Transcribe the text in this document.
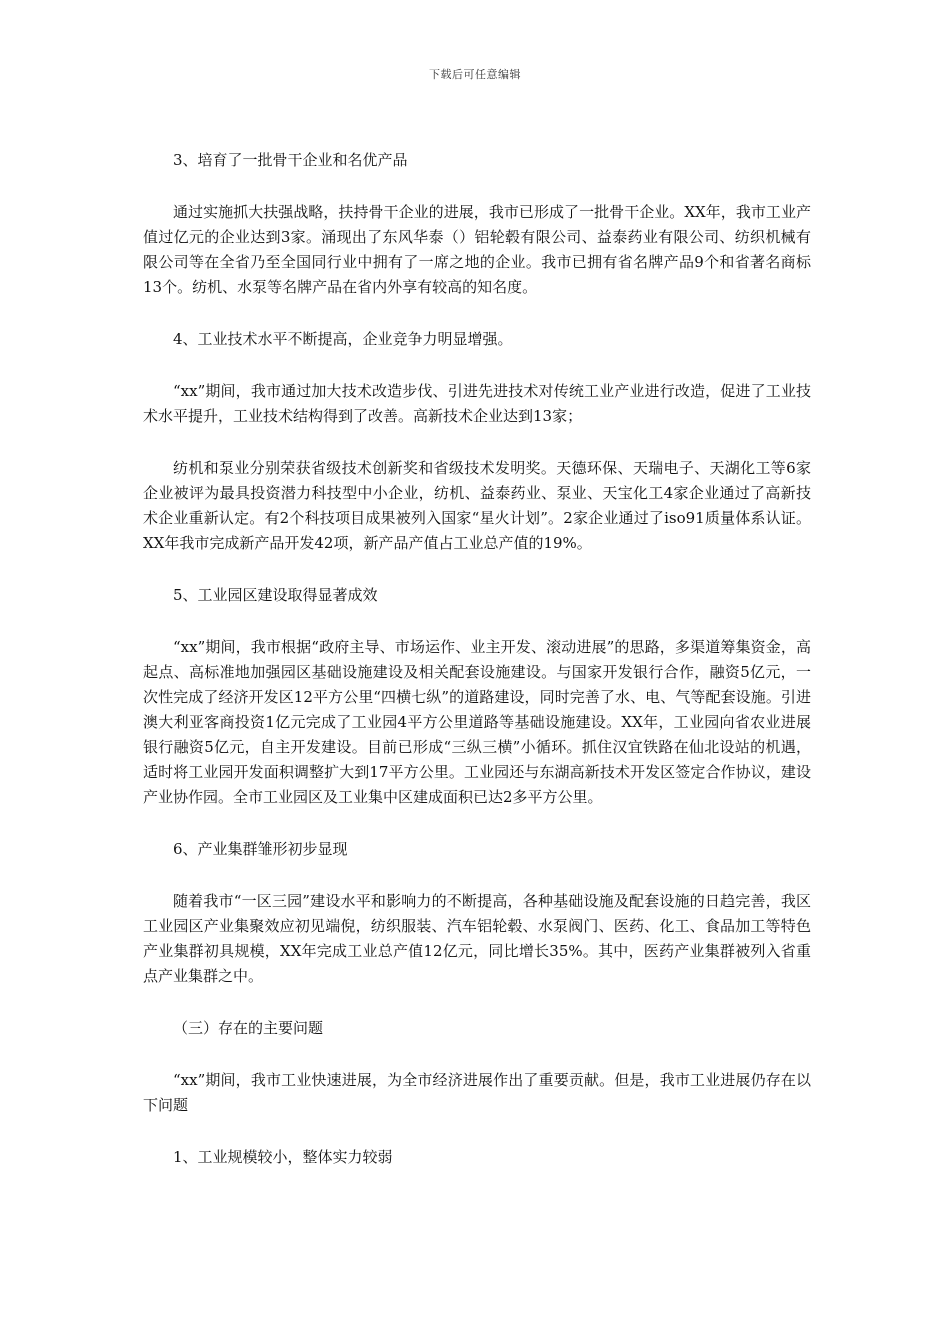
下载后可任意编辑

3、培育了一批骨干企业和名优产品

通过实施抓大扶强战略，扶持骨干企业的进展，我市已形成了一批骨干企业。XX年，我市工业产值过亿元的企业达到3家。涌现出了东风华泰（）铝轮毂有限公司、益泰药业有限公司、纺织机械有限公司等在全省乃至全国同行业中拥有了一席之地的企业。我市已拥有省名牌产品9个和省著名商标13个。纺机、水泵等名牌产品在省内外享有较高的知名度。

4、工业技术水平不断提高，企业竞争力明显增强。

“xx”期间，我市通过加大技术改造步伐、引进先进技术对传统工业产业进行改造，促进了工业技术水平提升，工业技术结构得到了改善。高新技术企业达到13家；

纺机和泵业分别荣获省级技术创新奖和省级技术发明奖。天德环保、天瑞电子、天湖化工等6家企业被评为最具投资潜力科技型中小企业，纺机、益泰药业、泵业、天宝化工4家企业通过了高新技术企业重新认定。有2个科技项目成果被列入国家“星火计划”。2家企业通过了iso91质量体系认证。XX年我市完成新产品开发42项，新产品产值占工业总产值的19%。

5、工业园区建设取得显著成效

“xx”期间，我市根据“政府主导、市场运作、业主开发、滚动进展”的思路，多渠道筹集资金，高起点、高标准地加强园区基础设施建设及相关配套设施建设。与国家开发银行合作，融资5亿元，一次性完成了经济开发区12平方公里“四横七纵”的道路建设，同时完善了水、电、气等配套设施。引进澳大利亚客商投资1亿元完成了工业园4平方公里道路等基础设施建设。XX年，工业园向省农业进展银行融资5亿元，自主开发建设。目前已形成“三纵三横”小循环。抓住汉宜铁路在仙北设站的机遇，适时将工业园开发面积调整扩大到17平方公里。工业园还与东湖高新技术开发区签定合作协议，建设产业协作园。全市工业园区及工业集中区建成面积已达2多平方公里。

6、产业集群雏形初步显现

随着我市“一区三园”建设水平和影响力的不断提高，各种基础设施及配套设施的日趋完善，我区工业园区产业集聚效应初见端倪，纺织服装、汽车铝轮毂、水泵阀门、医药、化工、食品加工等特色产业集群初具规模，XX年完成工业总产值12亿元，同比增长35%。其中，医药产业集群被列入省重点产业集群之中。

（三）存在的主要问题

“xx”期间，我市工业快速进展，为全市经济进展作出了重要贡献。但是，我市工业进展仍存在以下问题

1、工业规模较小，整体实力较弱
